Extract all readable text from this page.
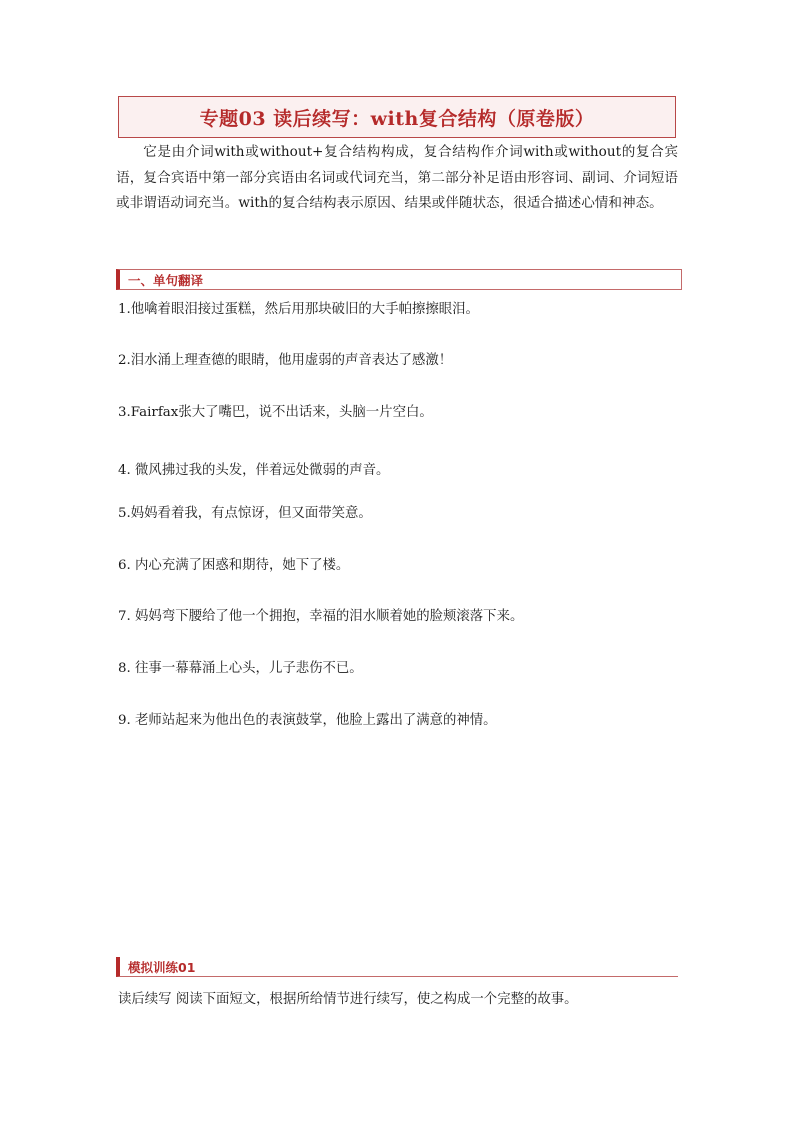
专题03 读后续写：with复合结构（原卷版）

它是由介词with或without+复合结构构成，复合结构作介词with或without的复合宾语，复合宾语中第一部分宾语由名词或代词充当，第二部分补足语由形容词、副词、介词短语或非谓语动词充当。with的复合结构表示原因、结果或伴随状态，很适合描述心情和神态。

一、单句翻译

1.他噙着眼泪接过蛋糕，然后用那块破旧的大手帕擦擦眼泪。

2.泪水涌上理查德的眼睛，他用虚弱的声音表达了感激！

3.Fairfax张大了嘴巴，说不出话来，头脑一片空白。

4. 微风拂过我的头发，伴着远处微弱的声音。

5.妈妈看着我，有点惊讶，但又面带笑意。

6. 内心充满了困惑和期待，她下了楼。

7. 妈妈弯下腰给了他一个拥抱，幸福的泪水顺着她的脸颊滚落下来。

8. 往事一幕幕涌上心头，儿子悲伤不已。

9. 老师站起来为他出色的表演鼓掌，他脸上露出了满意的神情。

模拟训练01

读后续写 阅读下面短文，根据所给情节进行续写，使之构成一个完整的故事。
